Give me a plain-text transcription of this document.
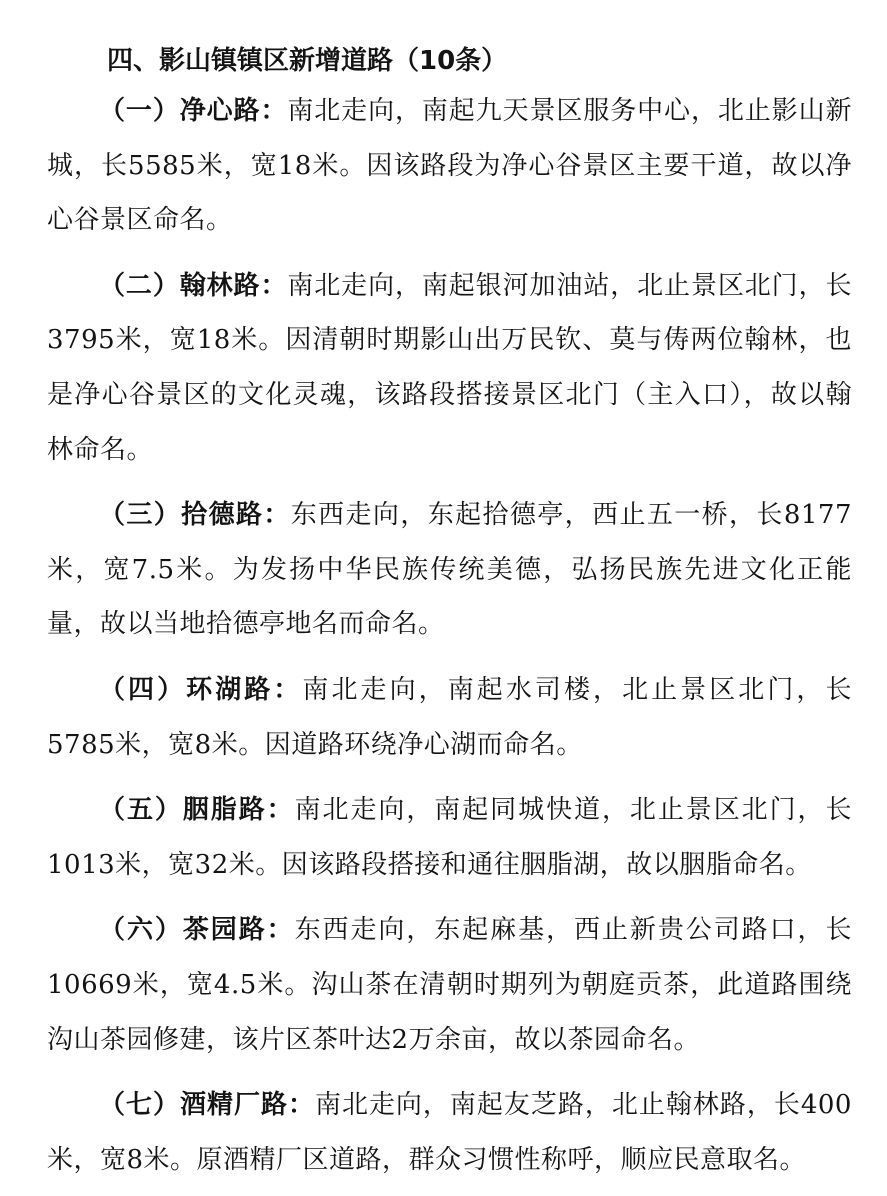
四、影山镇镇区新增道路（10条）

（一）净心路：南北走向，南起九天景区服务中心，北止影山新城，长5585米，宽18米。因该路段为净心谷景区主要干道，故以净心谷景区命名。

（二）翰林路：南北走向，南起银河加油站，北止景区北门，长3795米，宽18米。因清朝时期影山出万民钦、莫与俦两位翰林，也是净心谷景区的文化灵魂，该路段搭接景区北门（主入口），故以翰林命名。

（三）拾德路：东西走向，东起拾德亭，西止五一桥，长8177米，宽7.5米。为发扬中华民族传统美德，弘扬民族先进文化正能量，故以当地拾德亭地名而命名。

（四）环湖路：南北走向，南起水司楼，北止景区北门，长5785米，宽8米。因道路环绕净心湖而命名。

（五）胭脂路：南北走向，南起同城快道，北止景区北门，长1013米，宽32米。因该路段搭接和通往胭脂湖，故以胭脂命名。

（六）茶园路：东西走向，东起麻基，西止新贵公司路口，长10669米，宽4.5米。沟山茶在清朝时期列为朝庭贡茶，此道路围绕沟山茶园修建，该片区茶叶达2万余亩，故以茶园命名。

（七）酒精厂路：南北走向，南起友芝路，北止翰林路，长400米，宽8米。原酒精厂区道路，群众习惯性称呼，顺应民意取名。
